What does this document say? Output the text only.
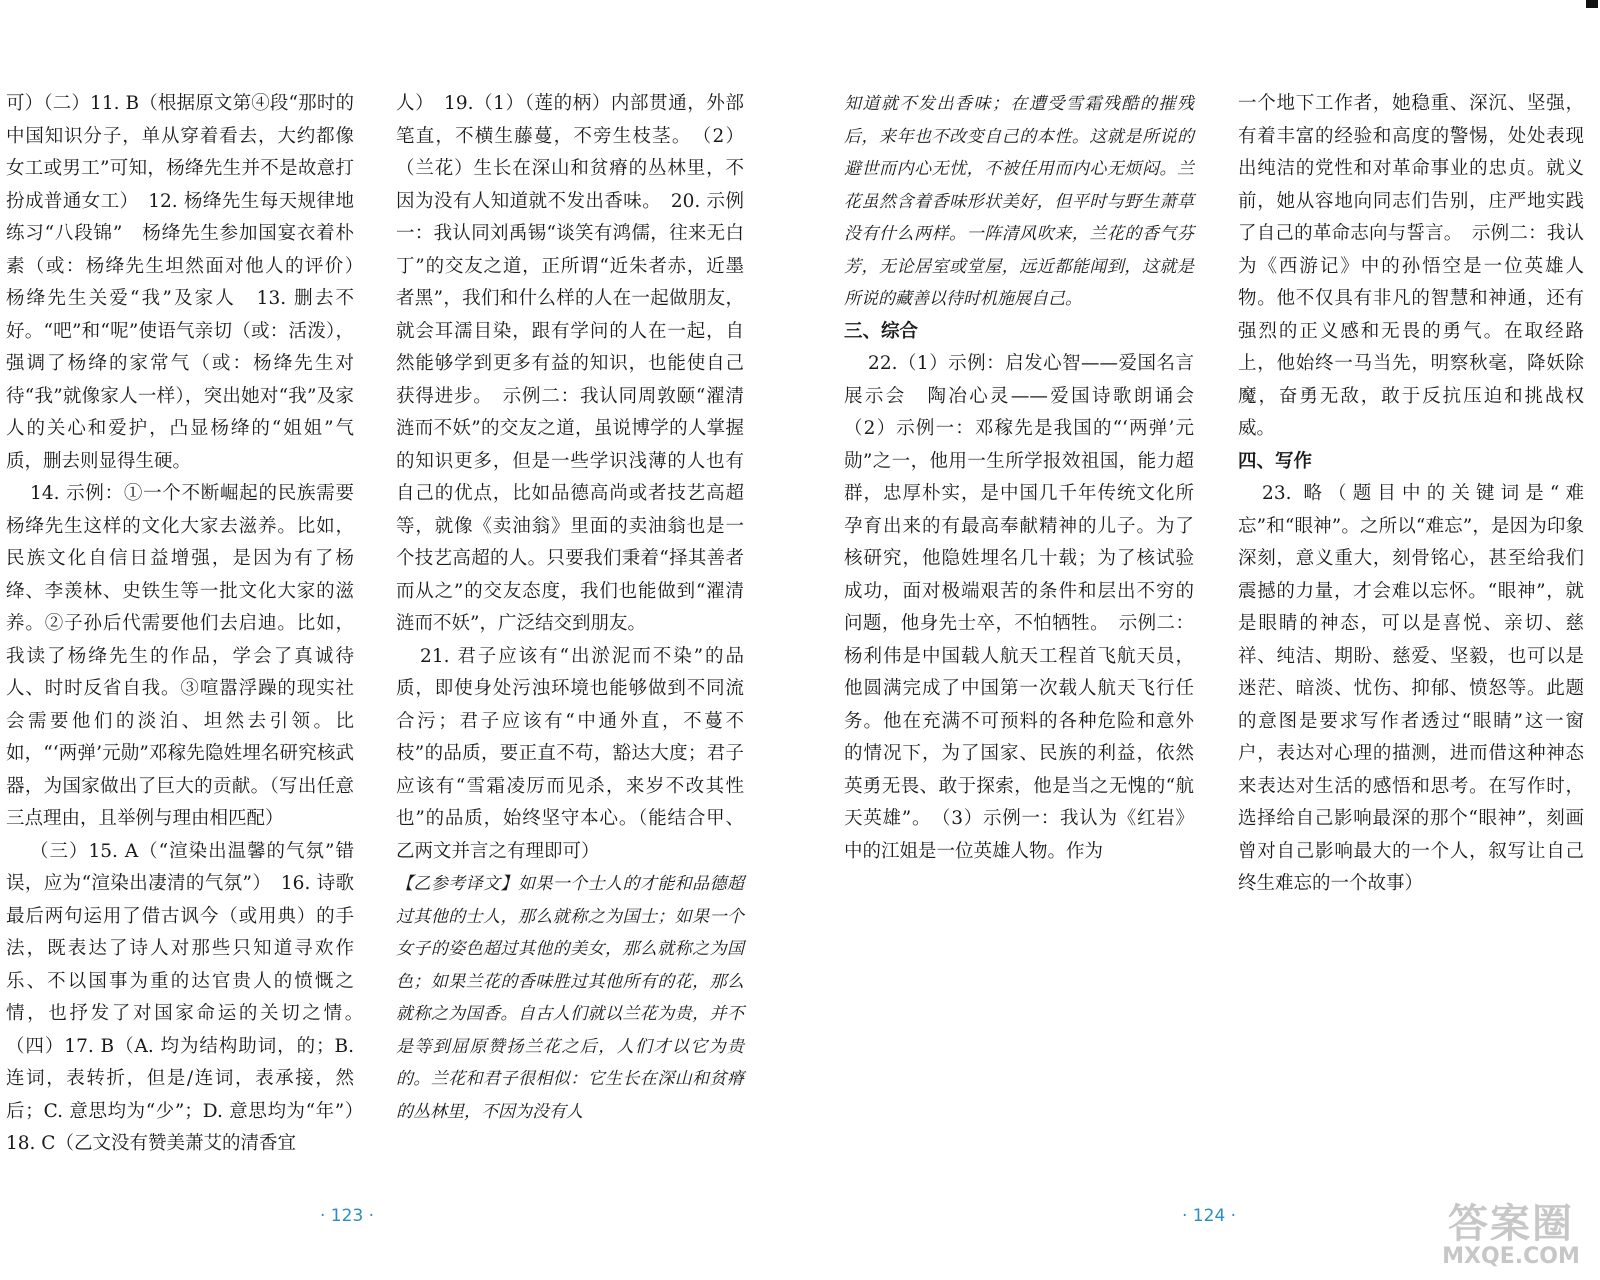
可）（二）11. B（根据原文第④段“那时的中国知识分子，单从穿着看去，大约都像女工或男工”可知，杨绛先生并不是故意打扮成普通女工）　12. 杨绛先生每天规律地练习“八段锦”　杨绛先生参加国宴衣着朴素（或：杨绛先生坦然面对他人的评价）　杨绛先生关爱“我”及家人　13. 删去不好。“吧”和“呢”使语气亲切（或：活泼），强调了杨绛的家常气（或：杨绛先生对待“我”就像家人一样），突出她对“我”及家人的关心和爱护，凸显杨绛的“姐姐”气质，删去则显得生硬。

14. 示例：①一个不断崛起的民族需要杨绛先生这样的文化大家去滋养。比如，民族文化自信日益增强，是因为有了杨绛、李羡林、史铁生等一批文化大家的滋养。②子孙后代需要他们去启迪。比如，我读了杨绛先生的作品，学会了真诚待人、时时反省自我。③喧嚣浮躁的现实社会需要他们的淡泊、坦然去引领。比如，“‘两弹’元勋”邓稼先隐姓埋名研究核武器，为国家做出了巨大的贡献。（写出任意三点理由，且举例与理由相匹配）

（三）15. A（“渲染出温馨的气氛”错误，应为“渲染出凄清的气氛”）　16. 诗歌最后两句运用了借古讽今（或用典）的手法，既表达了诗人对那些只知道寻欢作乐、不以国事为重的达官贵人的愤慨之情，也抒发了对国家命运的关切之情。　（四）17. B（A. 均为结构助词，的；B. 连词，表转折，但是/连词，表承接，然后；C. 意思均为“少”；D. 意思均为“年”）　18. C（乙文没有赞美萧艾的清香宜

人）　19.（1）（莲的柄）内部贯通，外部笔直，不横生藤蔓，不旁生枝茎。　（2）（兰花）生长在深山和贫瘠的丛林里，不因为没有人知道就不发出香味。　20. 示例一：我认同刘禹锡“谈笑有鸿儒，往来无白丁”的交友之道，正所谓“近朱者赤，近墨者黑”，我们和什么样的人在一起做朋友，就会耳濡目染，跟有学问的人在一起，自然能够学到更多有益的知识，也能使自己获得进步。　示例二：我认同周敦颐“濯清涟而不妖”的交友之道，虽说博学的人掌握的知识更多，但是一些学识浅薄的人也有自己的优点，比如品德高尚或者技艺高超等，就像《卖油翁》里面的卖油翁也是一个技艺高超的人。只要我们秉着“择其善者而从之”的交友态度，我们也能做到“濯清涟而不妖”，广泛结交到朋友。

21. 君子应该有“出淤泥而不染”的品质，即使身处污浊环境也能够做到不同流合污；君子应该有“中通外直，不蔓不枝”的品质，要正直不苟，豁达大度；君子应该有“雪霜凌厉而见杀，来岁不改其性也”的品质，始终坚守本心。（能结合甲、乙两文并言之有理即可）

【乙参考译文】如果一个士人的才能和品德超过其他的士人，那么就称之为国士；如果一个女子的姿色超过其他的美女，那么就称之为国色；如果兰花的香味胜过其他所有的花，那么就称之为国香。自古人们就以兰花为贵，并不是等到屈原赞扬兰花之后，人们才以它为贵的。兰花和君子很相似：它生长在深山和贫瘠的丛林里，不因为没有人

· 123 ·

知道就不发出香味；在遭受雪霜残酷的摧残后，来年也不改变自己的本性。这就是所说的避世而内心无忧，不被任用而内心无烦闷。兰花虽然含着香味形状美好，但平时与野生萧草没有什么两样。一阵清风吹来，兰花的香气芬芳，无论居室或堂屋，远近都能闻到，这就是所说的藏善以待时机施展自己。

三、综合

22.（1）示例：启发心智——爱国名言展示会　陶冶心灵——爱国诗歌朗诵会　（2）示例一：邓稼先是我国的“‘两弹’元勋”之一，他用一生所学报效祖国，能力超群，忠厚朴实，是中国几千年传统文化所孕育出来的有最高奉献精神的儿子。为了核研究，他隐姓埋名几十载；为了核试验成功，面对极端艰苦的条件和层出不穷的问题，他身先士卒，不怕牺牲。　示例二：杨利伟是中国载人航天工程首飞航天员，他圆满完成了中国第一次载人航天飞行任务。他在充满不可预料的各种危险和意外的情况下，为了国家、民族的利益，依然英勇无畏、敢于探索，他是当之无愧的“航天英雄”。　（3）示例一：我认为《红岩》中的江姐是一位英雄人物。作为

一个地下工作者，她稳重、深沉、坚强，有着丰富的经验和高度的警惕，处处表现出纯洁的党性和对革命事业的忠贞。就义前，她从容地向同志们告别，庄严地实践了自己的革命志向与誓言。　示例二：我认为《西游记》中的孙悟空是一位英雄人物。他不仅具有非凡的智慧和神通，还有强烈的正义感和无畏的勇气。在取经路上，他始终一马当先，明察秋毫，降妖除魔，奋勇无敌，敢于反抗压迫和挑战权威。

四、写作

23. 略（题目中的关键词是“难忘”和“眼神”。之所以“难忘”，是因为印象深刻，意义重大，刻骨铭心，甚至给我们震撼的力量，才会难以忘怀。“眼神”，就是眼睛的神态，可以是喜悦、亲切、慈祥、纯洁、期盼、慈爱、坚毅，也可以是迷茫、暗淡、忧伤、抑郁、愤怒等。此题的意图是要求写作者透过“眼睛”这一窗户，表达对心理的描测，进而借这种神态来表达对生活的感悟和思考。在写作时，选择给自己影响最深的那个“眼神”，刻画曾对自己影响最大的一个人，叙写让自己终生难忘的一个故事）

· 124 ·	答案圈
MXQE.COM
